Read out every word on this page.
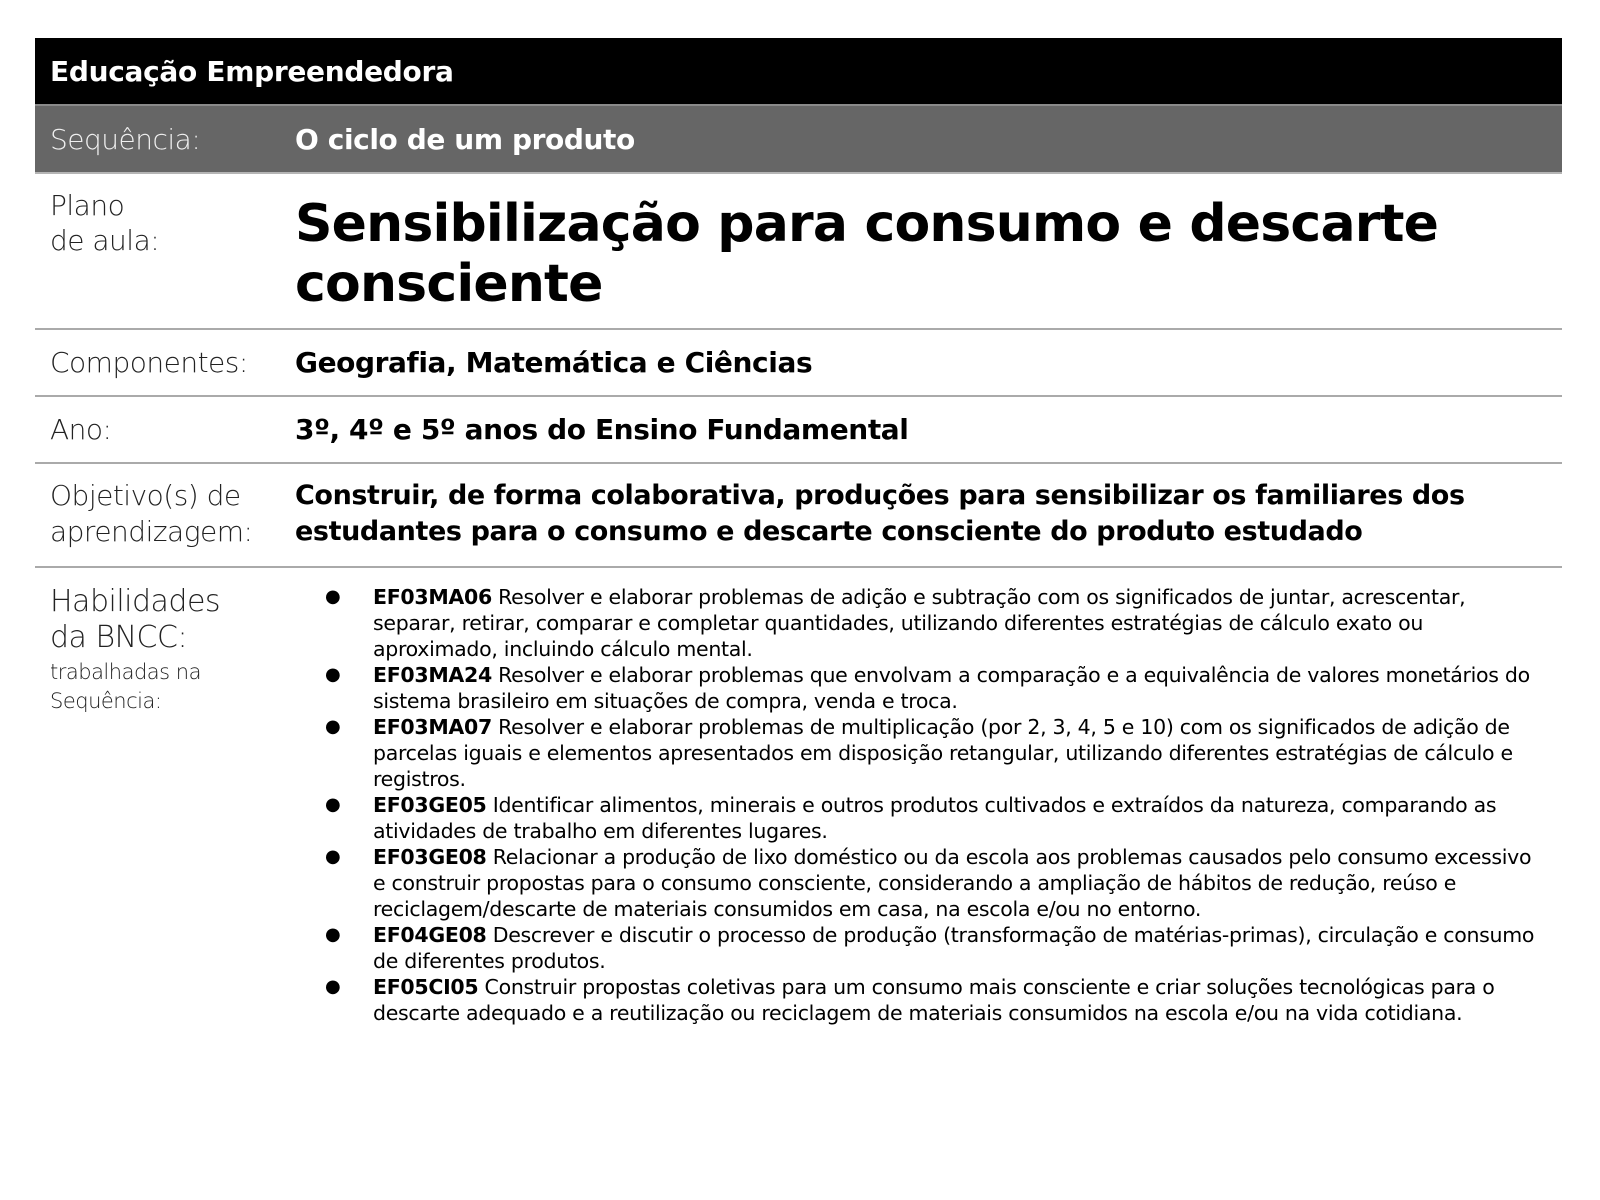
Educação Empreendedora
Sequência:	O ciclo de um produto
Plano
de aula:	Sensibilização para consumo e descarte consciente
Componentes:	Geografia, Matemática e Ciências
Ano:	3º, 4º e 5º anos do Ensino Fundamental
Objetivo(s) de
aprendizagem:
Construir, de forma colaborativa, produções para sensibilizar os familiares dos estudantes para o consumo e descarte consciente do produto estudado
Habilidades
da BNCC:
trabalhadas na
Sequência:
● EF03MA06 Resolver e elaborar problemas de adição e subtração com os significados de juntar, acrescentar, separar, retirar, comparar e completar quantidades, utilizando diferentes estratégias de cálculo exato ou aproximado, incluindo cálculo mental.
● EF03MA24 Resolver e elaborar problemas que envolvam a comparação e a equivalência de valores monetários do sistema brasileiro em situações de compra, venda e troca.
● EF03MA07 Resolver e elaborar problemas de multiplicação (por 2, 3, 4, 5 e 10) com os significados de adição de parcelas iguais e elementos apresentados em disposição retangular, utilizando diferentes estratégias de cálculo e registros.
● EF03GE05 Identificar alimentos, minerais e outros produtos cultivados e extraídos da natureza, comparando as atividades de trabalho em diferentes lugares.
● EF03GE08 Relacionar a produção de lixo doméstico ou da escola aos problemas causados pelo consumo excessivo e construir propostas para o consumo consciente, considerando a ampliação de hábitos de redução, reúso e reciclagem/descarte de materiais consumidos em casa, na escola e/ou no entorno.
● EF04GE08 Descrever e discutir o processo de produção (transformação de matérias-primas), circulação e consumo de diferentes produtos.
● EF05CI05 Construir propostas coletivas para um consumo mais consciente e criar soluções tecnológicas para o descarte adequado e a reutilização ou reciclagem de materiais consumidos na escola e/ou na vida cotidiana.
